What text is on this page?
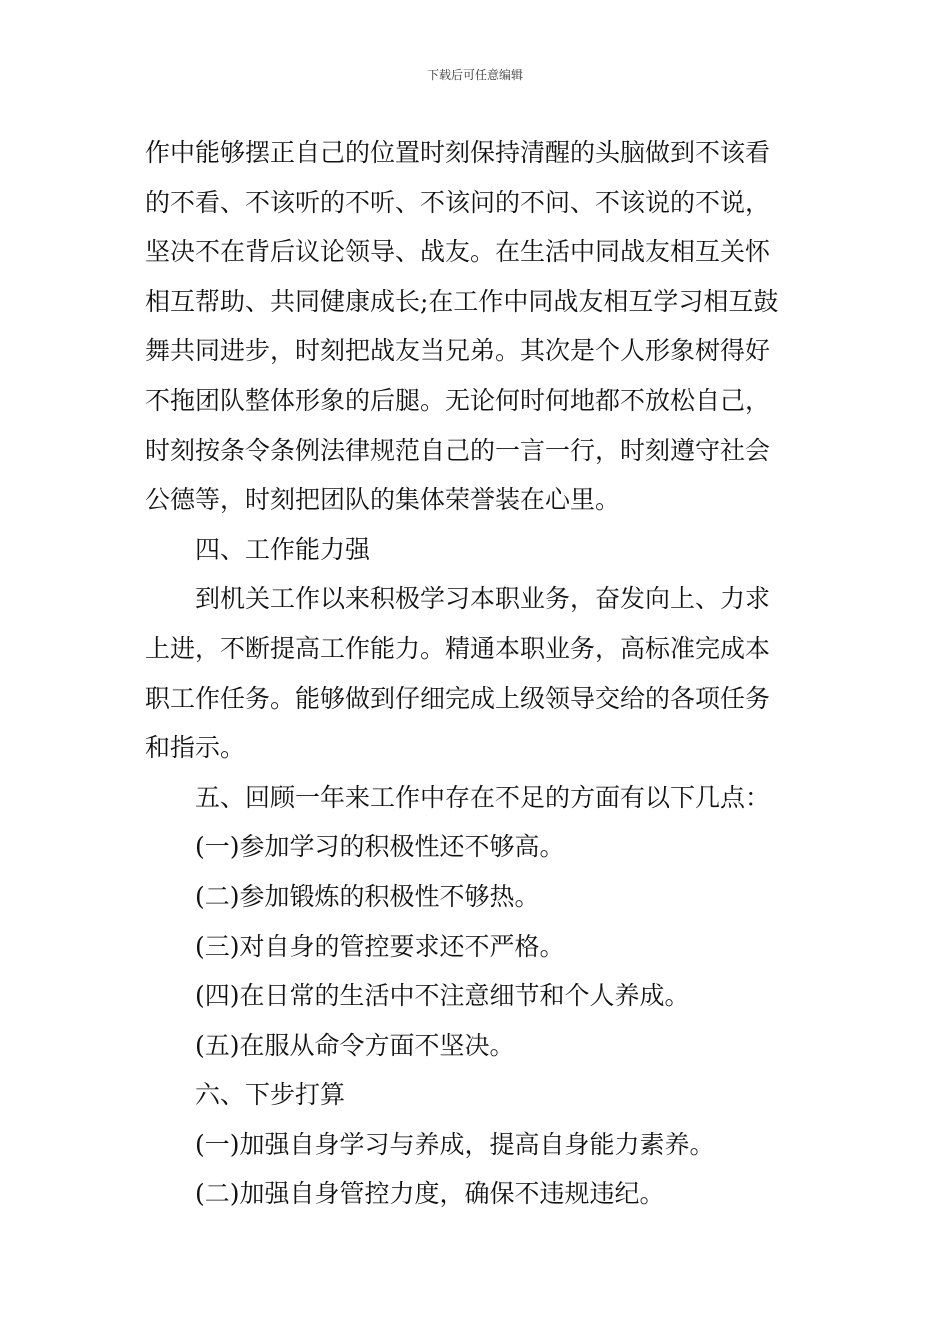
下载后可任意编辑
作中能够摆正自己的位置时刻保持清醒的头脑做到不该看
的不看、不该听的不听、不该问的不问、不该说的不说，
坚决不在背后议论领导、战友。在生活中同战友相互关怀
相互帮助、共同健康成长;在工作中同战友相互学习相互鼓
舞共同进步，时刻把战友当兄弟。其次是个人形象树得好
不拖团队整体形象的后腿。无论何时何地都不放松自己，
时刻按条令条例法律规范自己的一言一行，时刻遵守社会
公德等，时刻把团队的集体荣誉装在心里。
四、工作能力强
到机关工作以来积极学习本职业务，奋发向上、力求
上进，不断提高工作能力。精通本职业务，高标准完成本
职工作任务。能够做到仔细完成上级领导交给的各项任务
和指示。
五、回顾一年来工作中存在不足的方面有以下几点：
(一)参加学习的积极性还不够高。
(二)参加锻炼的积极性不够热。
(三)对自身的管控要求还不严格。
(四)在日常的生活中不注意细节和个人养成。
(五)在服从命令方面不坚决。
六、下步打算
(一)加强自身学习与养成，提高自身能力素养。
(二)加强自身管控力度，确保不违规违纪。
